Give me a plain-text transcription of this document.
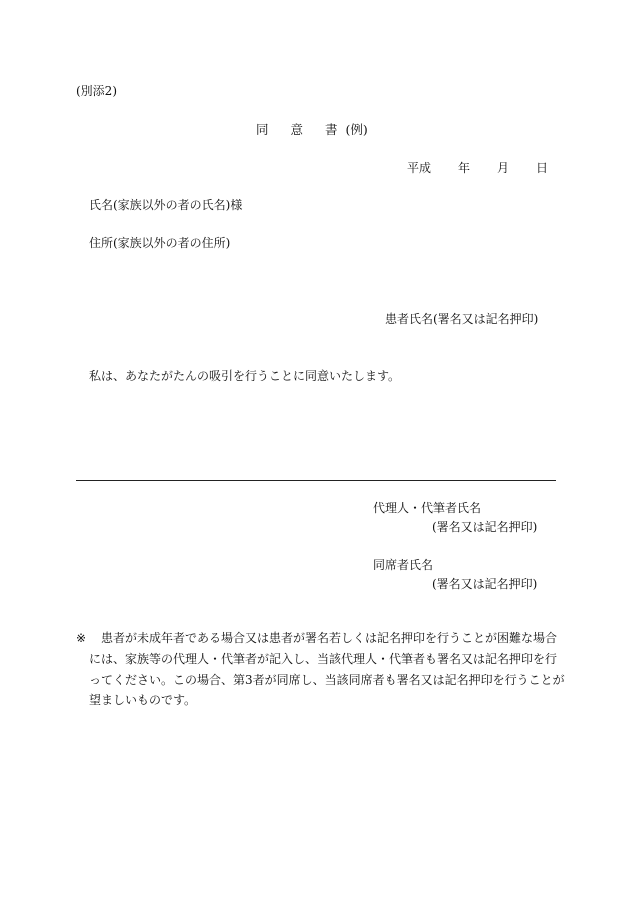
(別添2)
同 意 書 (例)
平成 年 月 日
氏名(家族以外の者の氏名)様
住所(家族以外の者の住所)
患者氏名(署名又は記名押印)
私は、あなたがたんの吸引を行うことに同意いたします。
代理人・代筆者氏名
(署名又は記名押印)
同席者氏名
(署名又は記名押印)
※ 患者が未成年者である場合又は患者が署名若しくは記名押印を行うことが困難な場合
には、家族等の代理人・代筆者が記入し、当該代理人・代筆者も署名又は記名押印を行
ってください。この場合、第3者が同席し、当該同席者も署名又は記名押印を行うことが
望ましいものです。
